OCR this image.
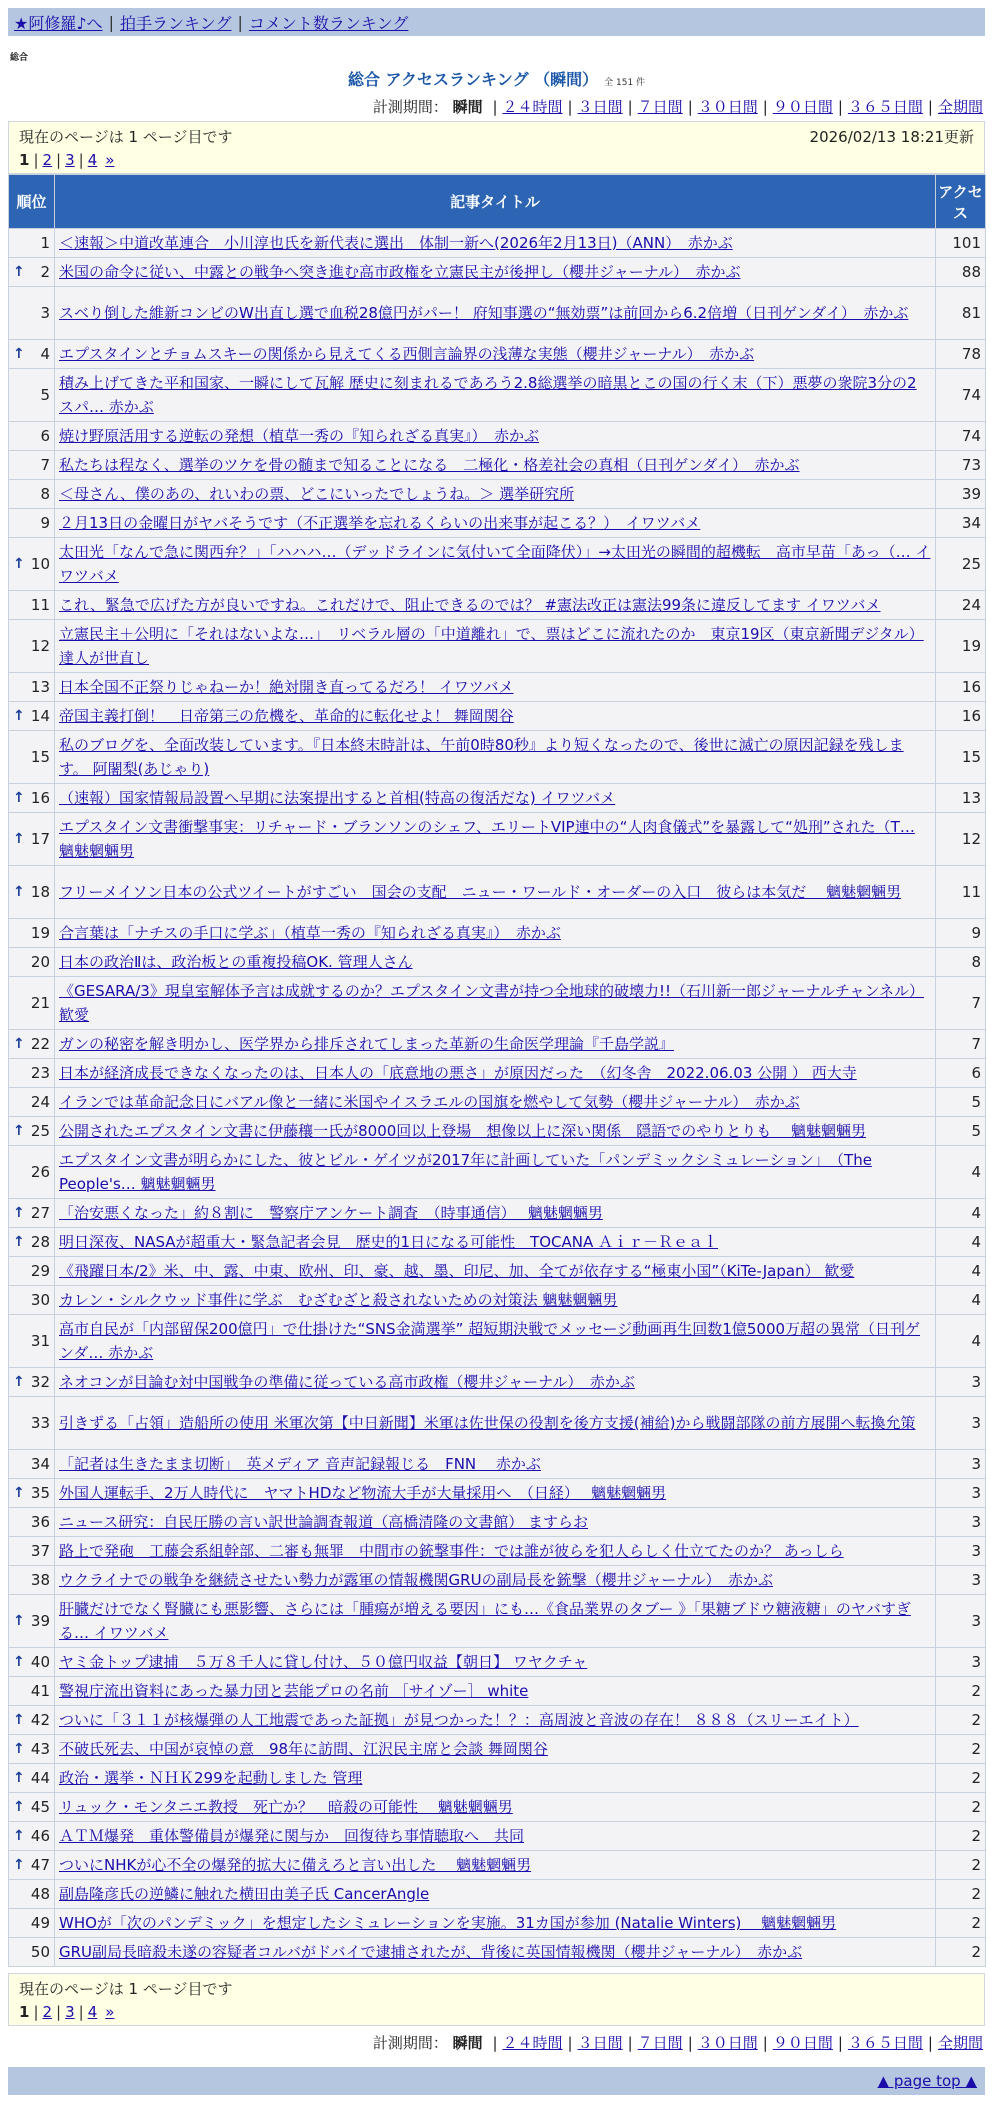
★阿修羅♪へ | 拍手ランキング | コメント数ランキング
総合
総合 アクセスランキング （瞬間） 全 151 件
計測期間： 瞬間 | ２４時間 | ３日間 | ７日間 | ３０日間 | ９０日間 | ３６５日間 | 全期間
現在のページは 1 ページ目です	2026/02/13 18:21更新
1 | 2 | 3 | 4 »
順位	記事タイトル	アクセス
1	＜速報＞中道改革連合　小川淳也氏を新代表に選出　体制一新へ(2026年2月13日)（ANN）　赤かぶ	101

↑ 2	米国の命令に従い、中露との戦争へ突き進む高市政権を立憲民主が後押し（櫻井ジャーナル）　赤かぶ	88
3	スベり倒した維新コンビのW出直し選で血税28億円がパー！ 府知事選の“無効票”は前回から6.2倍増（日刊ゲンダイ）　赤かぶ	81

↑ 4	エプスタインとチョムスキーの関係から見えてくる西側言論界の浅薄な実態（櫻井ジャーナル）　赤かぶ	78
5	積み上げてきた平和国家、一瞬にして瓦解 歴史に刻まれるであろう2.8総選挙の暗黒とこの国の行く末（下）悪夢の衆院3分の2 スパ… 赤かぶ	74
6	焼け野原活用する逆転の発想（植草一秀の『知られざる真実』）　赤かぶ	74
7	私たちは程なく、選挙のツケを骨の髄まで知ることになる　二極化・格差社会の真相（日刊ゲンダイ）　赤かぶ	73
8	＜母さん、僕のあの、れいわの票、どこにいったでしょうね。＞ 選挙研究所	39
9	２月13日の金曜日がヤバそうです（不正選挙を忘れるくらいの出来事が起こる？）　イワツバメ	34

↑ 10	太田光「なんで急に関西弁？」「ハハハ…（デッドラインに気付いて全面降伏）」→太田光の瞬間的超機転　高市早苗「あっ（… イワツバメ	25
11	これ、緊急で広げた方が良いですね。これだけで、阻止できるのでは？ #憲法改正は憲法99条に違反してます イワツバメ	24
12	立憲民主＋公明に「それはないよな…」　リベラル層の「中道離れ」で、票はどこに流れたのか　東京19区（東京新聞デジタル） 達人が世直し	19
13	日本全国不正祭りじゃねーか！絶対開き直ってるだろ！ イワツバメ	16

↑ 14	帝国主義打倒！　日帝第三の危機を、革命的に転化せよ！ 舞岡関谷	16
15	私のブログを、全面改装しています。『日本終末時計は、午前0時80秒』より短くなったので、後世に滅亡の原因記録を残します。 阿闍梨(あじゃり)	15

↑ 16	（速報）国家情報局設置へ早期に法案提出すると首相(特高の復活だな) イワツバメ	13

↑ 17	エプスタイン文書衝撃事実：リチャード・ブランソンのシェフ、エリートVIP連中の“人肉食儀式”を暴露して“処刑”された（T… 魑魅魍魎男	12

↑ 18	フリーメイソン日本の公式ツイートがすごい　国会の支配　ニュー・ワールド・オーダーの入口　彼らは本気だ　 魑魅魍魎男	11
19	合言葉は「ナチスの手口に学ぶ」（植草一秀の『知られざる真実』）　赤かぶ	9
20	日本の政治Ⅱは、政治板との重複投稿OK. 管理人さん	8
21	《GESARA/3》現皇室解体予言は成就するのか？エプスタイン文書が持つ全地球的破壊力!!（石川新一郎ジャーナルチャンネル） 歓愛	7

↑ 22	ガンの秘密を解き明かし、医学界から排斥されてしまった革新の生命医学理論『千島学説』	7
23	日本が経済成長できなくなったのは、日本人の「底意地の悪さ」が原因だった　（幻冬舎　2022.06.03 公開 ） 西大寺	6
24	イランでは革命記念日にバアル像と一緒に米国やイスラエルの国旗を燃やして気勢（櫻井ジャーナル）　赤かぶ	5

↑ 25	公開されたエプスタイン文書に伊藤穰一氏が8000回以上登場　想像以上に深い関係　隠語でのやりとりも　 魑魅魍魎男	5
26	エプスタイン文書が明らかにした、彼とビル・ゲイツが2017年に計画していた「パンデミックシミュレーション」　（The People's… 魑魅魍魎男	4

↑ 27	「治安悪くなった」約８割に　警察庁アンケート調査　（時事通信）　 魑魅魍魎男	4

↑ 28	明日深夜、NASAが超重大・緊急記者会見　歴史的1日になる可能性　TOCANA Ａｉｒ－Ｒｅａｌ	4
29	《飛躍日本/2》米、中、露、中東、欧州、印、豪、越、墨、印尼、加、全てが依存する“極東小国”（KiTe-Japan） 歓愛	4
30	カレン・シルクウッド事件に学ぶ　むざむざと殺されないための対策法 魑魅魍魎男	4
31	高市自民が「内部留保200億円」で仕掛けた“SNS金満選挙” 超短期決戦でメッセージ動画再生回数1億5000万超の異常（日刊ゲンダ… 赤かぶ	4

↑ 32	ネオコンが目論む対中国戦争の準備に従っている高市政権（櫻井ジャーナル）　赤かぶ	3
33	引きずる「占領」造船所の使用 米軍次第【中日新聞】米軍は佐世保の役割を後方支援(補給)から戦闘部隊の前方展開へ転換允策	3
34	「記者は生きたまま切断」　英メディア 音声記録報じる　FNN　 赤かぶ	3

↑ 35	外国人運転手、2万人時代に　ヤマトHDなど物流大手が大量採用へ　（日経）　 魑魅魍魎男	3
36	ニュース研究：自民圧勝の言い訳世論調査報道（高橋清隆の文書館） ますらお	3
37	路上で発砲　工藤会系組幹部、二審も無罪　中間市の銃撃事件：では誰が彼らを犯人らしく仕立てたのか？ あっしら	3
38	ウクライナでの戦争を継続させたい勢力が露軍の情報機関GRUの副局長を銃撃（櫻井ジャーナル）　赤かぶ	3

↑ 39	肝臓だけでなく腎臓にも悪影響、さらには「腫瘍が増える要因」にも…《食品業界のタブー 》「果糖ブドウ糖液糖」のヤバすぎる… イワツバメ	3

↑ 40	ヤミ金トップ逮捕　５万８千人に貸し付け、５０億円収益【朝日】 ワヤクチャ	3
41	警視庁流出資料にあった暴力団と芸能プロの名前 ［サイゾー］ white	2

↑ 42	ついに「３１１が核爆弾の人工地震であった証拠」が見つかった！？：高周波と音波の存在！ ８８８（スリーエイト）	2

↑ 43	不破氏死去、中国が哀悼の意　98年に訪問、江沢民主席と会談 舞岡関谷	2

↑ 44	政治・選挙・ＮＨＫ299を起動しました 管理	2

↑ 45	リュック・モンタニエ教授　死亡か？　暗殺の可能性　 魑魅魍魎男	2

↑ 46	ＡＴＭ爆発　重体警備員が爆発に関与か　回復待ち事情聴取へ　共同	2

↑ 47	ついにNHKが心不全の爆発的拡大に備えろと言い出した　 魑魅魍魎男	2
48	副島隆彦氏の逆鱗に触れた横田由美子氏 CancerAngle	2
49	WHOが「次のパンデミック」を想定したシミュレーションを実施。31カ国が参加 (Natalie Winters)　 魑魅魍魎男	2
50	GRU副局長暗殺未遂の容疑者コルバがドバイで逮捕されたが、背後に英国情報機関（櫻井ジャーナル）　赤かぶ	2
現在のページは 1 ページ目です
1 | 2 | 3 | 4 »
計測期間： 瞬間 | ２４時間 | ３日間 | ７日間 | ３０日間 | ９０日間 | ３６５日間 | 全期間
▲ page top ▲
